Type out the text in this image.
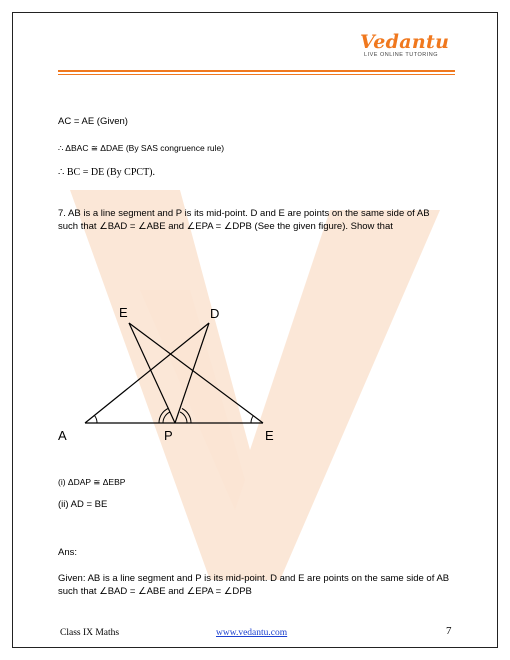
Vedantu
LIVE ONLINE TUTORING
AC = AE (Given)
∴ ΔBAC ≅ ΔDAE (By SAS congruence rule)
∴ BC = DE (By CPCT).
7. AB is a line segment and P is its mid-point. D and E are points on the same side of AB
such that ∠BAD = ∠ABE and ∠EPA = ∠DPB (See the given figure). Show that
E	D
A	P	E
(i) ΔDAP ≅ ΔEBP
(ii) AD = BE
Ans:
Given: AB is a line segment and P is its mid-point. D and E are points on the same side of AB
such that ∠BAD = ∠ABE and ∠EPA = ∠DPB
Class IX Maths	www.vedantu.com	7
